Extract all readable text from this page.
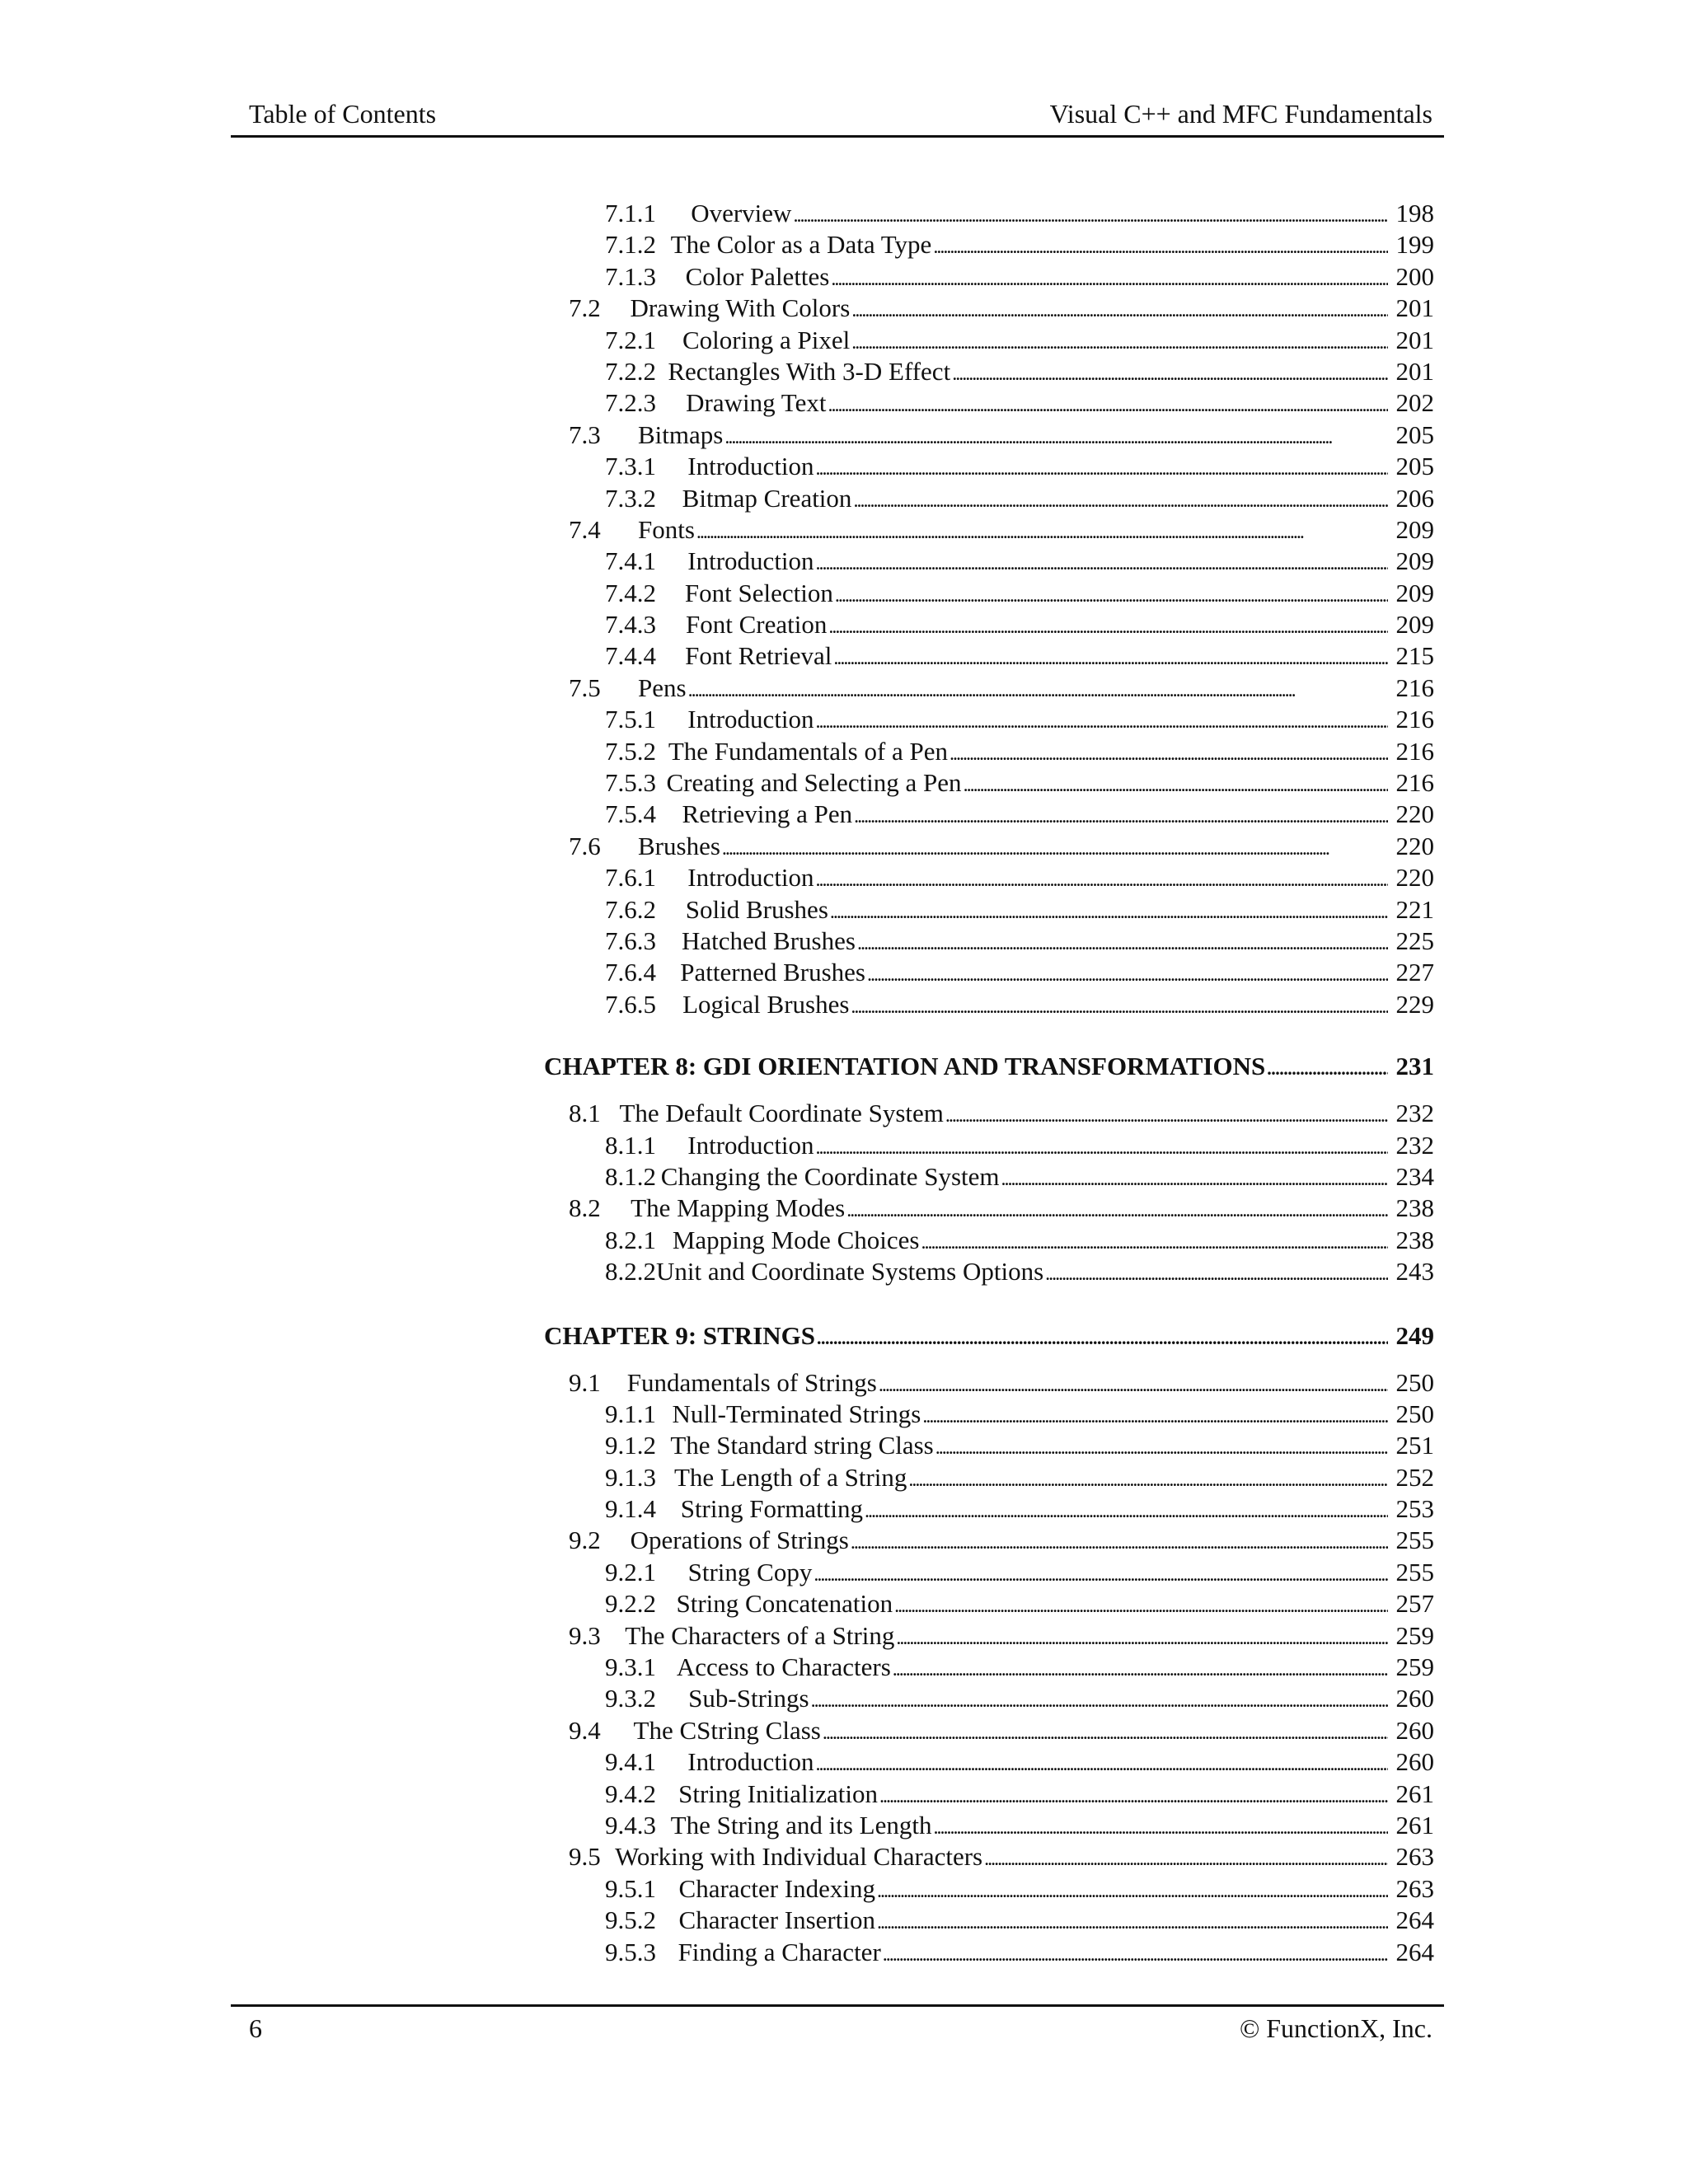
Table of Contents	Visual C++ and MFC Fundamentals
7.1.1	Overview . . .	198
7.1.2 The Color as a Data Type . . .	199
7.1.3	Color Palettes . . .	200
7.2	Drawing With Colors . . .	201
7.2.1	Coloring a Pixel . . .	201
7.2.2 Rectangles With 3-D Effect . . .	201
7.2.3	Drawing Text . . .	202
7.3	Bitmaps . . .	205
7.3.1	Introduction . . .	205
7.3.2	Bitmap Creation . . .	206
7.4	Fonts . . .	209
7.4.1	Introduction . . .	209
7.4.2	Font Selection . . .	209
7.4.3	Font Creation . . .	209
7.4.4	Font Retrieval . . .	215
7.5	Pens . . .	216
7.5.1	Introduction . . .	216
7.5.2 The Fundamentals of a Pen . . .	216
7.5.3 Creating and Selecting a Pen . . .	216
7.5.4	Retrieving a Pen . . .	220
7.6	Brushes . . .	220
7.6.1	Introduction . . .	220
7.6.2	Solid Brushes . . .	221
7.6.3	Hatched Brushes . . .	225
7.6.4 Patterned Brushes . . .	227
7.6.5	Logical Brushes . . .	229
CHAPTER 8: GDI ORIENTATION AND TRANSFORMATIONS . . .	231
8.1 The Default Coordinate System . . .	232
8.1.1	Introduction . . .	232
8.1.2 Changing the Coordinate System . . .	234
8.2	The Mapping Modes . . .	238
8.2.1 Mapping Mode Choices . . .	238
8.2.2 Unit and Coordinate Systems Options . . .	243
CHAPTER 9: STRINGS . . .	249
9.1	Fundamentals of Strings . . .	250
9.1.1 Null-Terminated Strings . . .	250
9.1.2 The Standard string Class . . .	251
9.1.3 The Length of a String . . .	252
9.1.4 String Formatting . . .	253
9.2	Operations of Strings . . .	255
9.2.1	String Copy . . .	255
9.2.2 String Concatenation . . .	257
9.3 The Characters of a String . . .	259
9.3.1 Access to Characters . . .	259
9.3.2	Sub-Strings . . .	260
9.4	The CString Class . . .	260
9.4.1	Introduction . . .	260
9.4.2 String Initialization . . .	261
9.4.3 The String and its Length . . .	261
9.5 Working with Individual Characters . . .	263
9.5.1 Character Indexing . . .	263
9.5.2 Character Insertion . . .	264
9.5.3 Finding a Character . . .	264
6	© FunctionX, Inc.
